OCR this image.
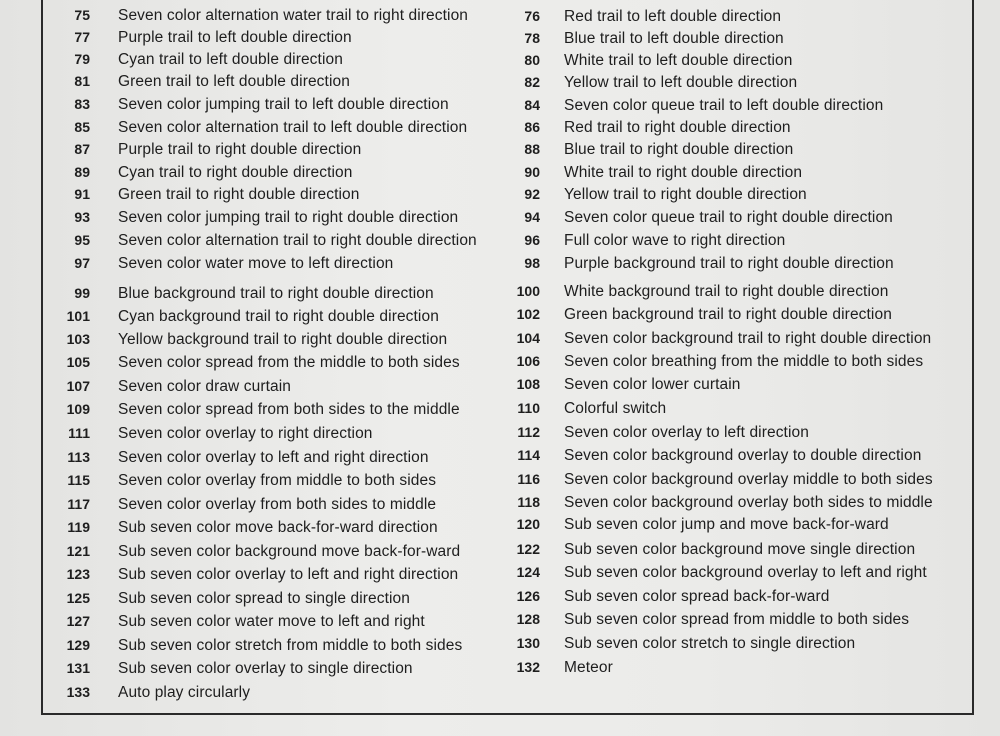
75 Seven color alternation water trail to right direction
77 Purple trail to left double direction
79 Cyan trail to left double direction
81 Green trail to left double direction
83 Seven color jumping trail to left double direction
85 Seven color alternation trail to left double direction
87 Purple trail to right double direction
89 Cyan trail to right double direction
91 Green trail to right double direction
93 Seven color jumping trail to right double direction
95 Seven color alternation trail to right double direction
97 Seven color water move to left direction
99 Blue background trail to right double direction
101 Cyan background trail to right double direction
103 Yellow background trail to right double direction
105 Seven color spread from the middle to both sides
107 Seven color draw curtain
109 Seven color spread from both sides to the middle
111 Seven color overlay to right direction
113 Seven color overlay to left and right direction
115 Seven color overlay from middle to both sides
117 Seven color overlay from both sides to middle
119 Sub seven color move back-for-ward direction
121 Sub seven color background move back-for-ward
123 Sub seven color overlay to left and right direction
125 Sub seven color spread to single direction
127 Sub seven color water move to left and right
129 Sub seven color stretch from middle to both sides
131 Sub seven color overlay to single direction
133 Auto play circularly
76 Red trail to left double direction
78 Blue trail to left double direction
80 White trail to left double direction
82 Yellow trail to left double direction
84 Seven color queue trail to left double direction
86 Red trail to right double direction
88 Blue trail to right double direction
90 White trail to right double direction
92 Yellow trail to right double direction
94 Seven color queue trail to right double direction
96 Full color wave to right direction
98 Purple background trail to right double direction
100 White background trail to right double direction
102 Green background trail to right double direction
104 Seven color background trail to right double direction
106 Seven color breathing from the middle to both sides
108 Seven color lower curtain
110 Colorful switch
112 Seven color overlay to left direction
114 Seven color background overlay to double direction
116 Seven color background overlay middle to both sides
118 Seven color background overlay both sides to middle
120 Sub seven color jump and move back-for-ward
122 Sub seven color background move single direction
124 Sub seven color background overlay to left and right
126 Sub seven color spread back-for-ward
128 Sub seven color spread from middle to both sides
130 Sub seven color stretch to single direction
132 Meteor
